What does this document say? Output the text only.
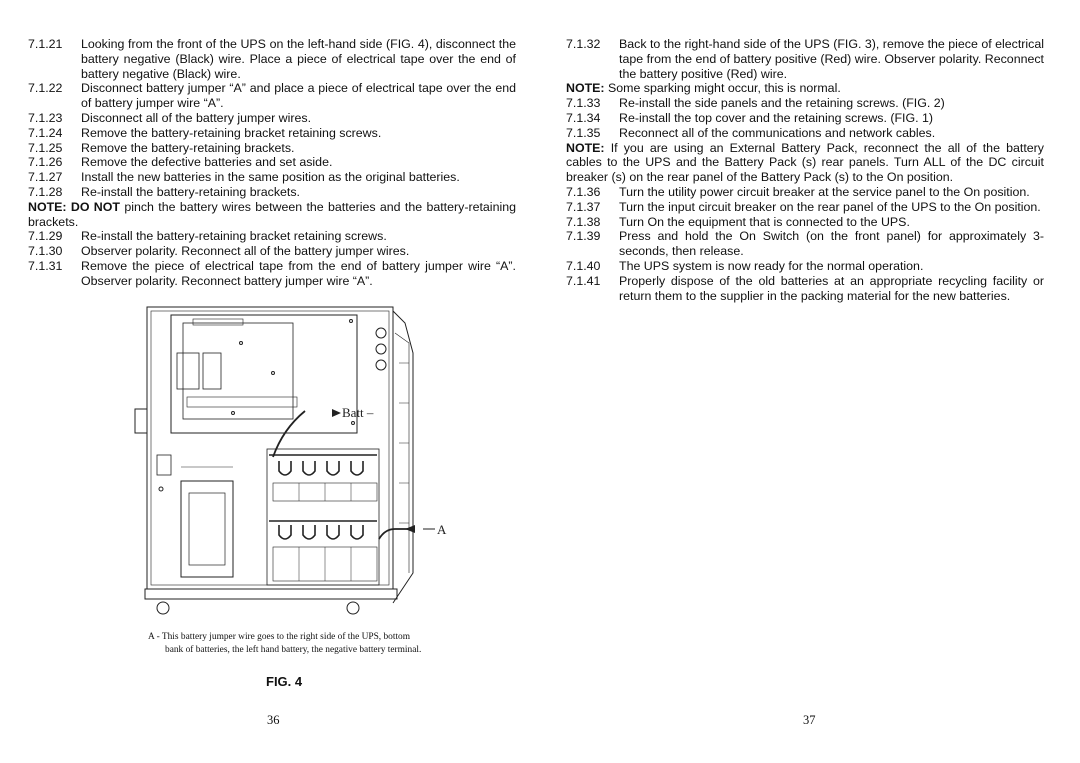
7.1.21	Looking from the front of the UPS on the left-hand side (FIG. 4), disconnect the battery negative (Black) wire. Place a piece of electrical tape over the end of battery negative (Black) wire.
7.1.22	Disconnect battery jumper “A” and place a piece of electrical tape over the end of battery jumper wire “A”.
7.1.23	Disconnect all of the battery jumper wires.
7.1.24	Remove the battery-retaining bracket retaining screws.
7.1.25	Remove the battery-retaining brackets.
7.1.26	Remove the defective batteries and set aside.
7.1.27	Install the new batteries in the same position as the original batteries.
7.1.28	Re-install the battery-retaining brackets.
NOTE: DO NOT pinch the battery wires between the batteries and the battery-retaining brackets.
7.1.29	Re-install the battery-retaining bracket retaining screws.
7.1.30	Observer polarity. Reconnect all of the battery jumper wires.
7.1.31	Remove the piece of electrical tape from the end of battery jumper wire “A”. Observer polarity. Reconnect battery jumper wire “A”.
Batt –
A
A - This battery jumper wire goes to the right side of the UPS, bottom
bank of batteries, the left hand battery, the negative battery terminal.
FIG. 4
36
7.1.32	Back to the right-hand side of the UPS (FIG. 3), remove the piece of electrical tape from the end of battery positive (Red) wire. Observer polarity. Reconnect the battery positive (Red) wire.
NOTE: Some sparking might occur, this is normal.
7.1.33	Re-install the side panels and the retaining screws. (FIG. 2)
7.1.34	Re-install the top cover and the retaining screws. (FIG. 1)
7.1.35	Reconnect all of the communications and network cables.
NOTE: If you are using an External Battery Pack, reconnect the all of the battery cables to the UPS and the Battery Pack (s) rear panels. Turn ALL of the DC circuit breaker (s) on the rear panel of the Battery Pack (s) to the On position.
7.1.36	Turn the utility power circuit breaker at the service panel to the On position.
7.1.37	Turn the input circuit breaker on the rear panel of the UPS to the On position.
7.1.38	Turn On the equipment that is connected to the UPS.
7.1.39	Press and hold the On Switch (on the front panel) for approximately 3-seconds, then release.
7.1.40	The UPS system is now ready for the normal operation.
7.1.41	Properly dispose of the old batteries at an appropriate recycling facility or return them to the supplier in the packing material for the new batteries.
37
